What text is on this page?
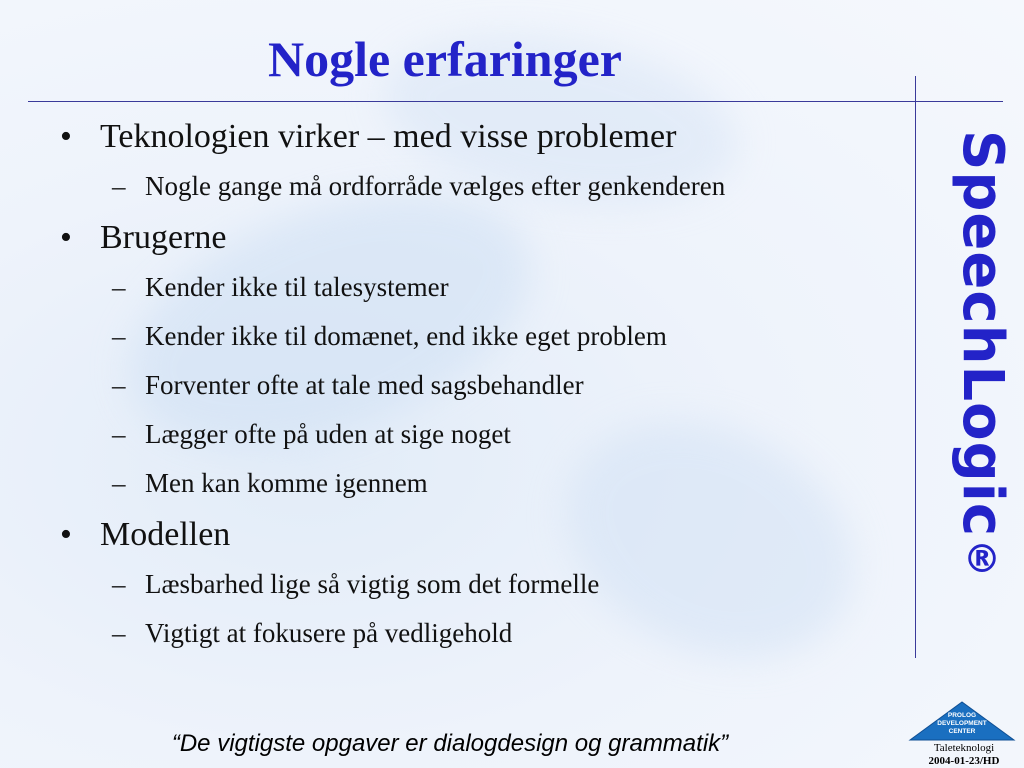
Nogle erfaringer
• Teknologien virker – med visse problemer
– Nogle gange må ordforråde vælges efter genkenderen
• Brugerne
– Kender ikke til talesystemer
– Kender ikke til domænet, end ikke eget problem
– Forventer ofte at tale med sagsbehandler
– Lægger ofte på uden at sige noget
– Men kan komme igennem
• Modellen
– Læsbarhed lige så vigtig som det formelle
– Vigtigt at fokusere på vedligehold
SpeechLogic®
“De vigtigste opgaver er dialogdesign og grammatik”
PROLOG
DEVELOPMENT
CENTER
Taleteknologi
2004-01-23/HD
